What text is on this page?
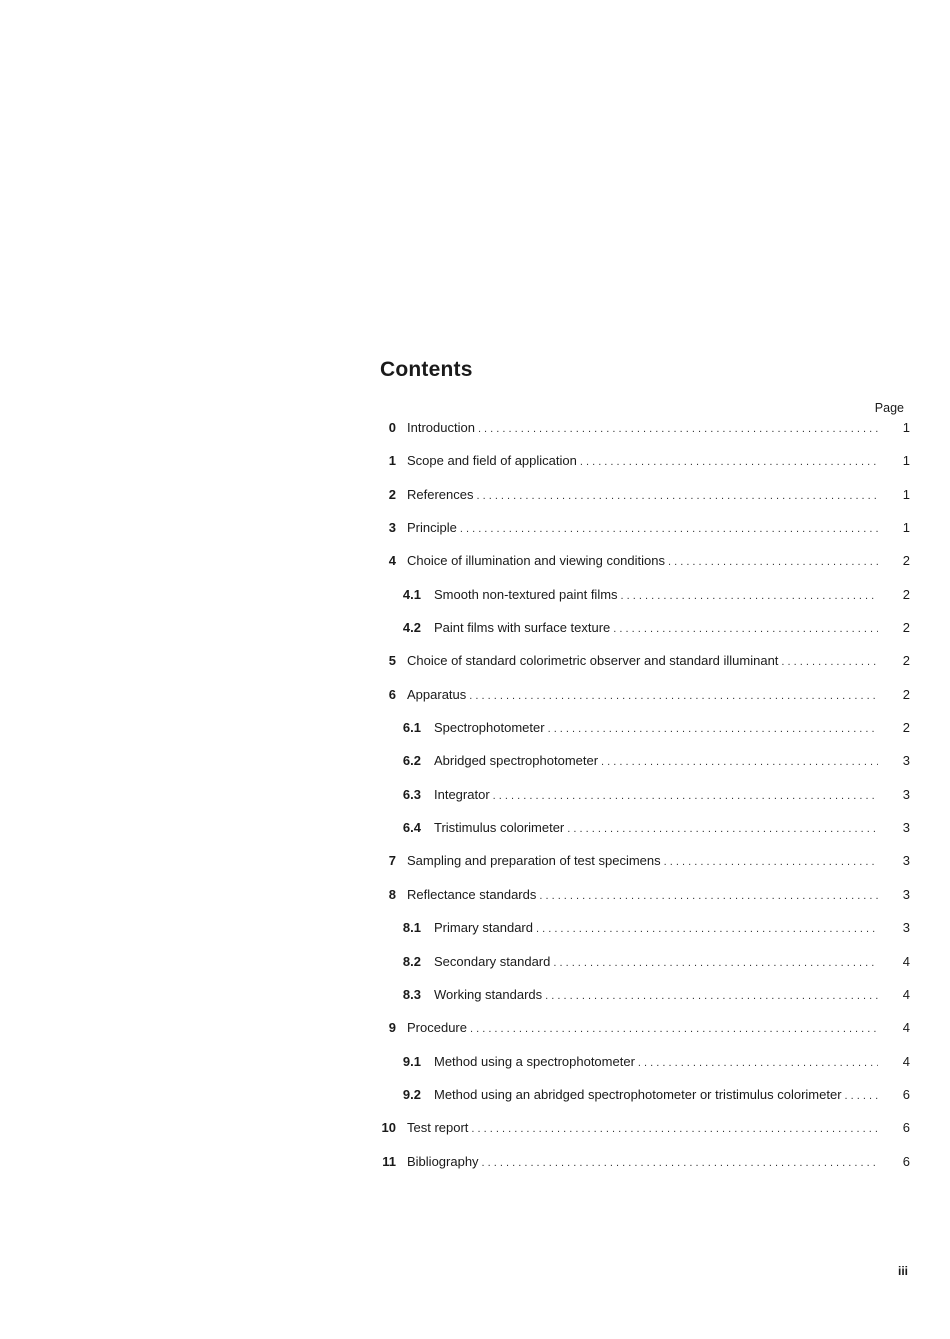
Contents
Page
0 Introduction . . .	1
1 Scope and field of application . . .	1
2 References . . .	1
3 Principle . . .	1
4 Choice of illumination and viewing conditions . . .	2
4.1 Smooth non-textured paint films . . .	2
4.2 Paint films with surface texture . . .	2
5 Choice of standard colorimetric observer and standard illuminant . . .	2
6 Apparatus . . .	2
6.1 Spectrophotometer . . .	2
6.2 Abridged spectrophotometer . . .	3
6.3 Integrator . . .	3
6.4 Tristimulus colorimeter . . .	3
7 Sampling and preparation of test specimens . . .	3
8 Reflectance standards . . .	3
8.1 Primary standard . . .	3
8.2 Secondary standard . . .	4
8.3 Working standards . . .	4
9 Procedure . . .	4
9.1 Method using a spectrophotometer . . .	4
9.2 Method using an abridged spectrophotometer or tristimulus colorimeter . . .	6
10 Test report . . .	6
11 Bibliography . . .	6
iii
